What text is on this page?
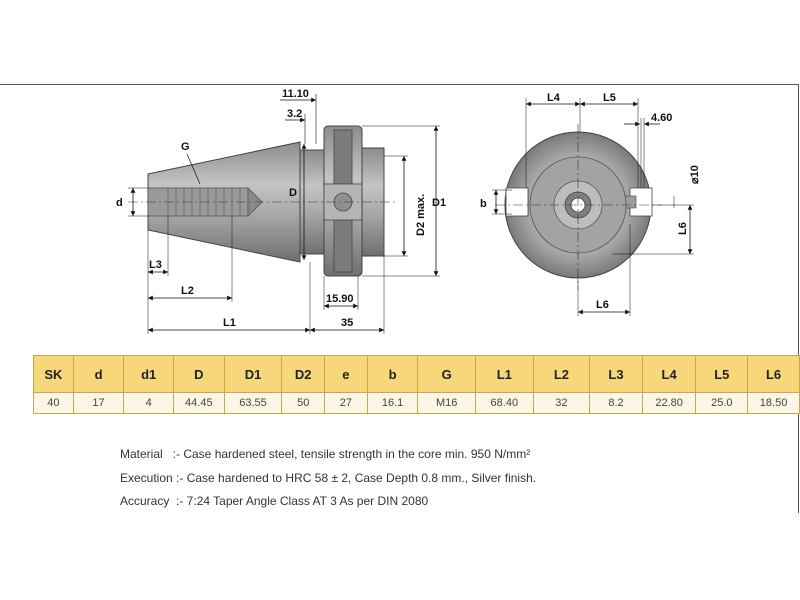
11.10
3.2
G
d
D
D2 max. D1
L3
L2
L1
15.90
35
L4	L5
4.60
⌀10
b
L6
L6
SK	d	d1	D	D1	D2	e	b	G	L1	L2	L3	L4	L5	L6
40	17	4	44.45	63.55	50	27	16.1	M16	68.40	32	8.2	22.80	25.0	18.50
Material   :- Case hardened steel, tensile strength in the core min. 950 N/mm²
Execution :- Case hardened to HRC 58 ± 2, Case Depth 0.8 mm., Silver finish.
Accuracy  :- 7:24 Taper Angle Class AT 3 As per DIN 2080
